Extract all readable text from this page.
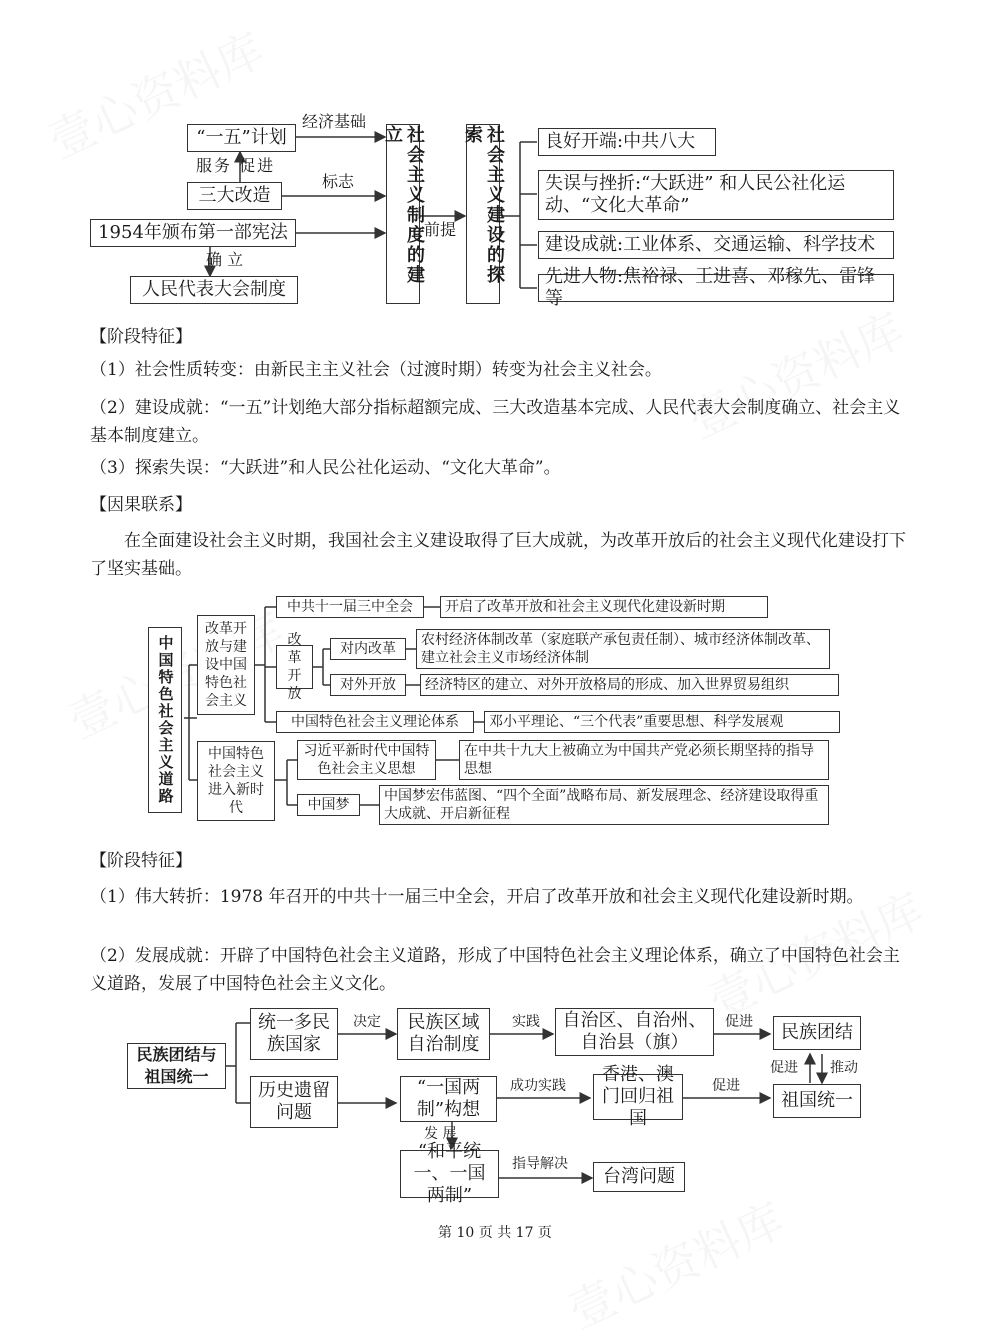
“一五”计划
三大改造
1954年颁布第一部宪法
人民代表大会制度
经济基础
服务 促进
标志
确 立
前提
社会主义制度的建立	社会主义建设的探索	良好开端:中共八大
失误与挫折:“大跃进” 和人民公社化运动、“文化大革命”
建设成就:工业体系、交通运输、科学技术
先进人物:焦裕禄、王进喜、邓稼先、雷锋等
【阶段特征】
（1）社会性质转变：由新民主主义社会（过渡时期）转变为社会主义社会。
（2）建设成就：“一五”计划绝大部分指标超额完成、三大改造基本完成、人民代表大会制度确立、社会主义基本制度建立。
（3）探索失误：“大跃进”和人民公社化运动、“文化大革命”。
【因果联系】
在全面建设社会主义时期，我国社会主义建设取得了巨大成就，为改革开放后的社会主义现代化建设打下了坚实基础。
中国特色社会主义道路
改革开放与建设中国特色社会主义
中国特色社会主义进入新时代
中共十一届三中全会	开启了改革开放和社会主义现代化建设新时期
改革开放
对内改革
农村经济体制改革（家庭联产承包责任制）、城市经济体制改革、建立社会主义市场经济体制
对外开放	经济特区的建立、对外开放格局的形成、加入世界贸易组织
中国特色社会主义理论体系	邓小平理论、“三个代表”重要思想、科学发展观
习近平新时代中国特色社会主义思想
在中共十九大上被确立为中国共产党必须长期坚持的指导思想
中国梦
中国梦宏伟蓝图、“四个全面”战略布局、新发展理念、经济建设取得重大成就、开启新征程
【阶段特征】
（1）伟大转折：1978 年召开的中共十一届三中全会，开启了改革开放和社会主义现代化建设新时期。
（2）发展成就：开辟了中国特色社会主义道路，形成了中国特色社会主义理论体系，确立了中国特色社会主义道路，发展了中国特色社会主义文化。
民族团结与祖国统一
统一多民族国家
历史遗留问题
民族区域自治制度
“一国两制”构想
“和平统一、一国两制”
自治区、自治州、自治县（旗）
香港、澳门回归祖国
台湾问题
民族团结
祖国统一
决定	实践	促进
成功实践	促进
发 展
指导解决
促进 推动
第 10 页 共 17 页
